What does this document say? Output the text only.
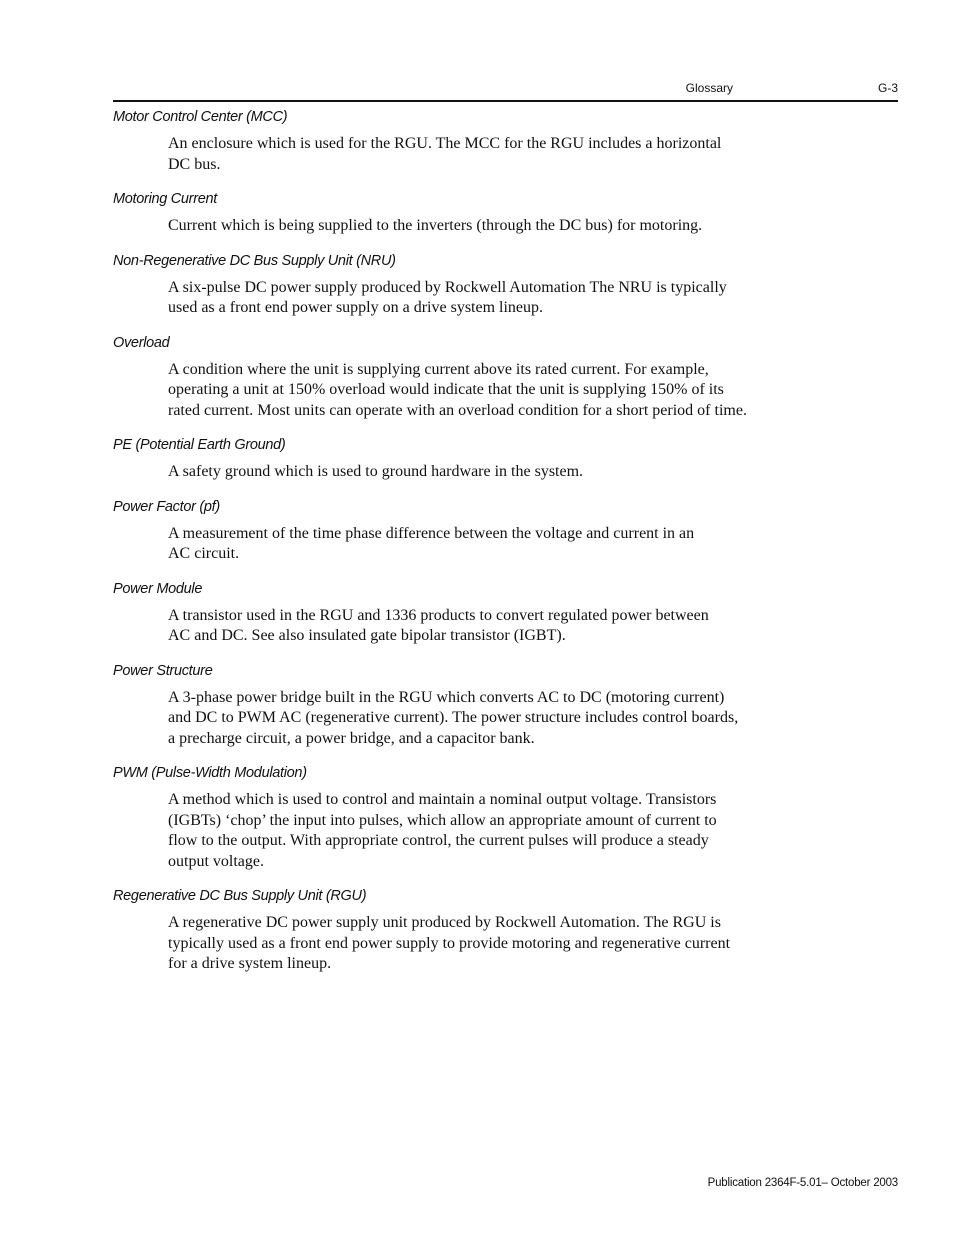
Glossary	G-3
Motor Control Center (MCC)
An enclosure which is used for the RGU. The MCC for the RGU includes a horizontal
DC bus.
Motoring Current
Current which is being supplied to the inverters (through the DC bus) for motoring.
Non-Regenerative DC Bus Supply Unit (NRU)
A six-pulse DC power supply produced by Rockwell Automation The NRU is typically
used as a front end power supply on a drive system lineup.
Overload
A condition where the unit is supplying current above its rated current. For example,
operating a unit at 150% overload would indicate that the unit is supplying 150% of its
rated current. Most units can operate with an overload condition for a short period of time.
PE (Potential Earth Ground)
A safety ground which is used to ground hardware in the system.
Power Factor (pf)
A measurement of the time phase difference between the voltage and current in an
AC circuit.
Power Module
A transistor used in the RGU and 1336 products to convert regulated power between
AC and DC. See also insulated gate bipolar transistor (IGBT).
Power Structure
A 3-phase power bridge built in the RGU which converts AC to DC (motoring current)
and DC to PWM AC (regenerative current). The power structure includes control boards,
a precharge circuit, a power bridge, and a capacitor bank.
PWM (Pulse-Width Modulation)
A method which is used to control and maintain a nominal output voltage. Transistors
(IGBTs) ‘chop’ the input into pulses, which allow an appropriate amount of current to
flow to the output. With appropriate control, the current pulses will produce a steady
output voltage.
Regenerative DC Bus Supply Unit (RGU)
A regenerative DC power supply unit produced by Rockwell Automation. The RGU is
typically used as a front end power supply to provide motoring and regenerative current
for a drive system lineup.
Publication 2364F-5.01– October 2003
